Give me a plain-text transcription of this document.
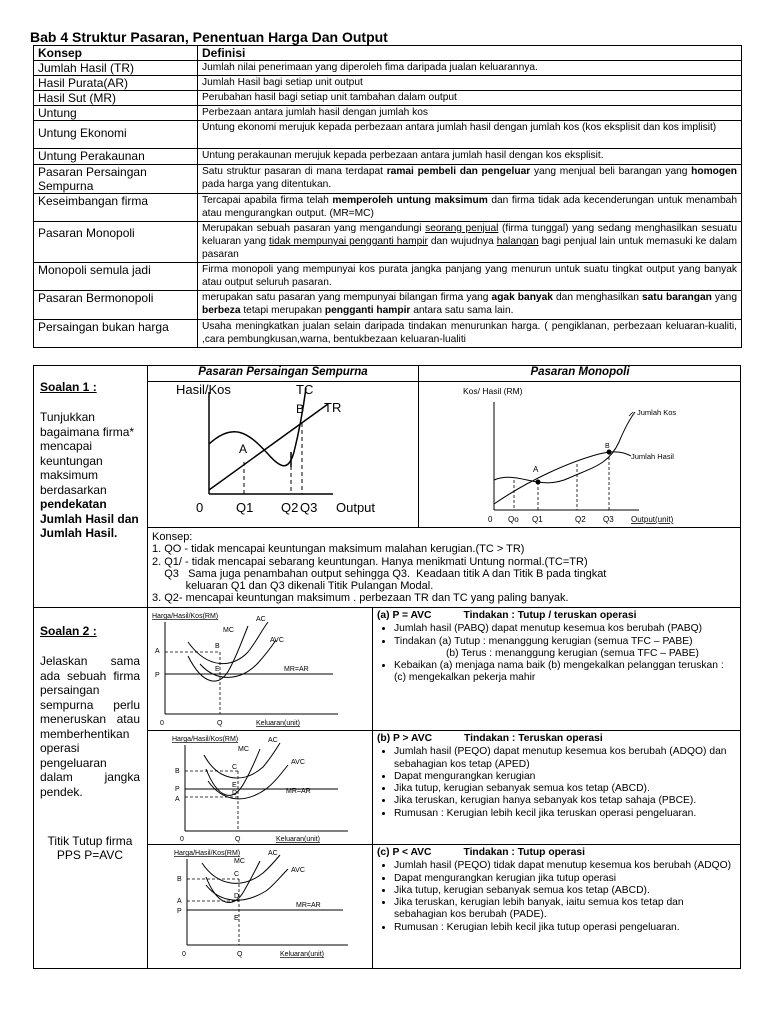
Bab 4 Struktur Pasaran, Penentuan Harga Dan Output
Konsep	Definisi
Jumlah Hasil (TR)	Jumlah nilai penerimaan yang diperoleh fima daripada jualan keluarannya.
Hasil Purata(AR)	Jumlah Hasil bagi setiap unit output
Hasil Sut (MR)	Perubahan hasil bagi setiap unit tambahan dalam output
Untung	Perbezaan antara jumlah hasil dengan jumlah kos
Untung Ekonomi	Untung ekonomi merujuk kepada perbezaan antara jumlah hasil dengan jumlah kos (kos eksplisit dan kos implisit)
Untung Perakaunan	Untung perakaunan merujuk kepada perbezaan antara jumlah hasil dengan kos eksplisit.
Pasaran Persaingan Sempurna	Satu struktur pasaran di mana terdapat ramai pembeli dan pengeluar yang menjual beli barangan yang homogen pada harga yang ditentukan.
Keseimbangan firma	Tercapai apabila firma telah memperoleh untung maksimum dan firma tidak ada kecenderungan untuk menambah atau mengurangkan output. (MR=MC)
Pasaran Monopoli	Merupakan sebuah pasaran yang mengandungi seorang penjual (firma tunggal) yang sedang menghasilkan sesuatu keluaran yang tidak mempunyai pengganti hampir dan wujudnya halangan bagi penjual lain untuk memasuki ke dalam pasaran
Monopoli semula jadi	Firma monopoli yang mempunyai kos purata jangka panjang yang menurun untuk suatu tingkat output yang banyak atau output seluruh pasaran.
Pasaran Bermonopoli	merupakan satu pasaran yang mempunyai bilangan firma yang agak banyak dan menghasilkan satu barangan yang berbeza tetapi merupakan pengganti hampir antara satu sama lain.
Persaingan bukan harga	Usaha meningkatkan jualan selain daripada tindakan menurunkan harga. ( pengiklanan, perbezaan keluaran-kualiti, ,cara pembungkusan,warna, bentukbezaan keluaran-lualiti
Soalan 1 :
Tunjukkan bagaimana firma* mencapai keuntungan maksimum berdasarkan pendekatan Jumlah Hasil dan Jumlah Hasil.
Pasaran Persaingan Sempurna	Pasaran Monopoli
Hasil/Kos	TC
TR
A
B
0	Q1 Q2 Q3 Output
Kos/ Hasil (RM)
Jumlah Kos
Jumlah Hasil
A
B
0 Qo Q1	Q2 Q3 Output(unit)
Konsep:
1. QO - tidak mencapai keuntungan maksimum malahan kerugian.(TC > TR)
2. Q1/ - tidak mencapai sebarang keuntungan. Hanya menikmati Untung normal.(TC=TR)
Q3   Sama juga penambahan output sehingga Q3.  Keadaan titik A dan Titik B pada tingkat
keluaran Q1 dan Q3 dikenali Titik Pulangan Modal.
3. Q2- mencapai keuntungan maksimum . perbezaan TR dan TC yang paling banyak.
Soalan 2 :
Jelaskan sama ada sebuah firma persaingan sempurna perlu meneruskan atau memberhentikan operasi pengeluaran dalam jangka pendek.
Titik Tutup firma PPS P=AVC
Harga/Hasil/Kos(RM)	AC
MC
AVC
MR=AR
A
B
P
E
0	Q	Keluaran(unit)
Harga/Hasil/Kos(RM)	AC
MC
AVC
MR=AR
B
P
A
C
D
E
0	Q	Keluaran(unit)
Harga/Hasil/Kos(RM)	AC
MC
AVC
MR=AR
B
A
P
C
D
E
0	Q	Keluaran(unit)
(a) P = AVC	Tindakan : Tutup / teruskan operasi
• Jumlah hasil (PABQ) dapat menutup kesemua kos berubah (PABQ)
• Tindakan (a) Tutup : menanggung kerugian (semua TFC – PABE)
(b) Terus : menanggung kerugian (semua TFC – PABE)
• Kebaikan (a) menjaga nama baik (b) mengekalkan pelanggan teruskan : (c) mengekalkan pekerja mahir
(b) P > AVC	Tindakan : Teruskan operasi
• Jumlah hasil (PEQO) dapat menutup kesemua kos berubah (ADQO) dan sebahagian kos tetap (APED)
• Dapat mengurangkan kerugian
• Jika tutup, kerugian sebanyak semua kos tetap (ABCD).
• Jika teruskan, kerugian hanya sebanyak kos tetap sahaja (PBCE).
• Rumusan : Kerugian lebih kecil jika teruskan operasi pengeluaran.
(c) P < AVC	Tindakan : Tutup operasi
• Jumlah hasil (PEQO) tidak dapat menutup kesemua kos berubah (ADQO)
• Dapat mengurangkan kerugian jika tutup operasi
• Jika tutup, kerugian sebanyak semua kos tetap (ABCD).
• Jika teruskan, kerugian lebih banyak, iaitu semua kos tetap dan sebahagian kos berubah (PADE).
• Rumusan : Kerugian lebih kecil jika tutup operasi pengeluaran.
